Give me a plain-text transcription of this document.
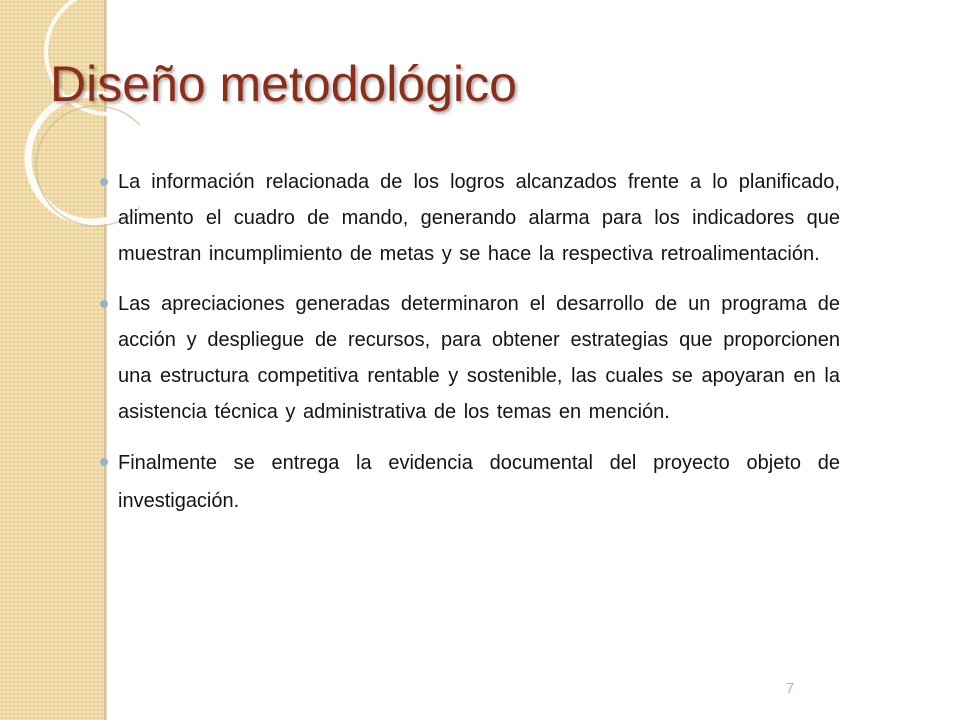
Diseño metodológico
La información relacionada de los logros alcanzados frente a lo planificado, alimento el cuadro de mando, generando alarma para los indicadores que muestran incumplimiento de metas y se hace la respectiva retroalimentación.
Las apreciaciones generadas determinaron el desarrollo de un programa de acción y despliegue de recursos, para obtener estrategias que proporcionen una estructura competitiva rentable y sostenible, las cuales se apoyaran en la asistencia técnica y administrativa de los temas en mención.
Finalmente se entrega la evidencia documental del proyecto objeto de investigación.
7
